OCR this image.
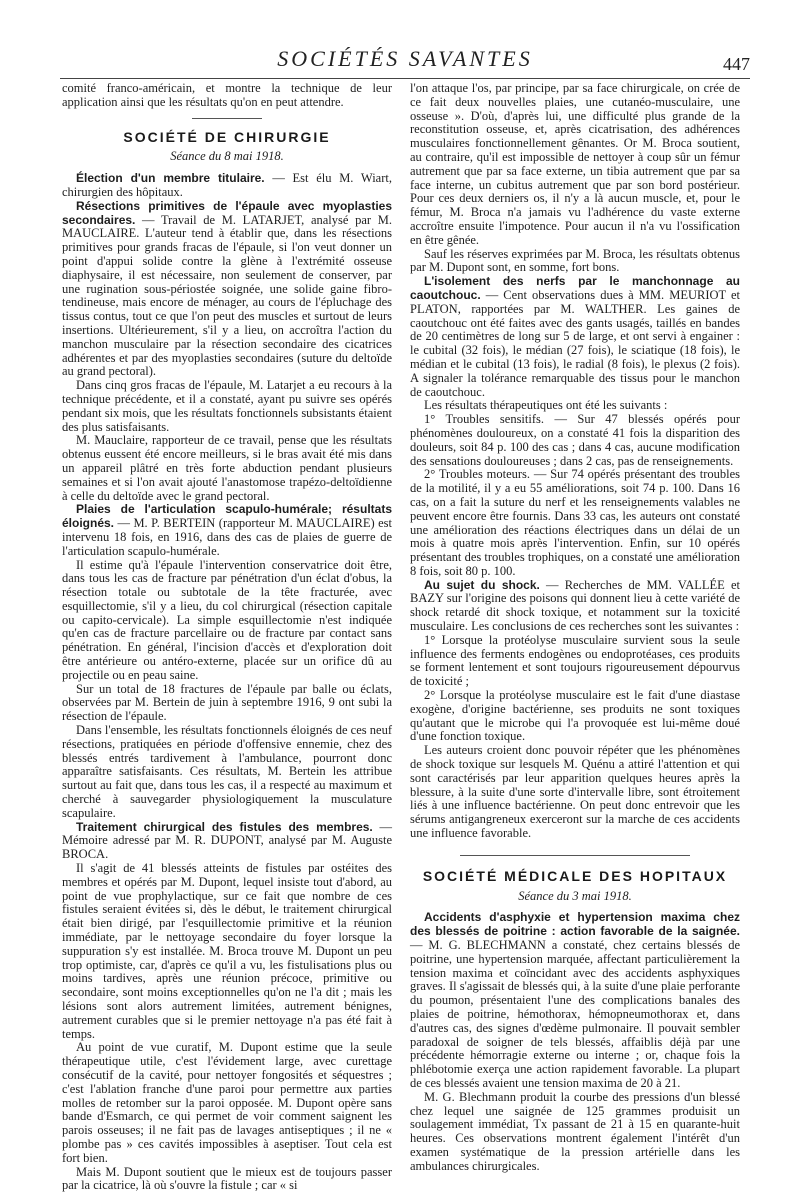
SOCIÉTÉS SAVANTES	447

comité franco-américain, et montre la technique de leur application ainsi que les résultats qu'on en peut attendre.

SOCIÉTÉ DE CHIRURGIE
Séance du 8 mai 1918.

Élection d'un membre titulaire. — Est élu M. Wiart, chirurgien des hôpitaux.

Résections primitives de l'épaule avec myoplasties secondaires. — Travail de M. LATARJET, analysé par M. MAUCLAIRE. L'auteur tend à établir que, dans les résections primitives pour grands fracas de l'épaule, si l'on veut donner un point d'appui solide contre la glène à l'extrémité osseuse diaphysaire, il est nécessaire, non seulement de conserver, par une rugination sous-périostée soignée, une solide gaine fibro-tendineuse, mais encore de ménager, au cours de l'épluchage des tissus contus, tout ce que l'on peut des muscles et surtout de leurs insertions. Ultérieurement, s'il y a lieu, on accroîtra l'action du manchon musculaire par la résection secondaire des cicatrices adhérentes et par des myoplasties secondaires (suture du deltoïde au grand pectoral).

Dans cinq gros fracas de l'épaule, M. Latarjet a eu recours à la technique précédente, et il a constaté, ayant pu suivre ses opérés pendant six mois, que les résultats fonctionnels subsistants étaient des plus satisfaisants.

M. Mauclaire, rapporteur de ce travail, pense que les résultats obtenus eussent été encore meilleurs, si le bras avait été mis dans un appareil plâtré en très forte abduction pendant plusieurs semaines et si l'on avait ajouté l'anastomose trapézo-deltoïdienne à celle du deltoïde avec le grand pectoral.

Plaies de l'articulation scapulo-humérale; résultats éloignés. — M. P. BERTEIN (rapporteur M. MAUCLAIRE) est intervenu 18 fois, en 1916, dans des cas de plaies de guerre de l'articulation scapulo-humérale.

Il estime qu'à l'épaule l'intervention conservatrice doit être, dans tous les cas de fracture par pénétration d'un éclat d'obus, la résection totale ou subtotale de la tête fracturée, avec esquillectomie, s'il y a lieu, du col chirurgical (résection capitale ou capito-cervicale). La simple esquillectomie n'est indiquée qu'en cas de fracture parcellaire ou de fracture par contact sans pénétration. En général, l'incision d'accès et d'exploration doit être antérieure ou antéro-externe, placée sur un orifice dû au projectile ou en peau saine.

Sur un total de 18 fractures de l'épaule par balle ou éclats, observées par M. Bertein de juin à septembre 1916, 9 ont subi la résection de l'épaule.

Dans l'ensemble, les résultats fonctionnels éloignés de ces neuf résections, pratiquées en période d'offensive ennemie, chez des blessés entrés tardivement à l'ambulance, pourront donc apparaître satisfaisants. Ces résultats, M. Bertein les attribue surtout au fait que, dans tous les cas, il a respecté au maximum et cherché à sauvegarder physiologiquement la musculature scapulaire.

Traitement chirurgical des fistules des membres. — Mémoire adressé par M. R. DUPONT, analysé par M. Auguste BROCA.

Il s'agit de 41 blessés atteints de fistules par ostéites des membres et opérés par M. Dupont, lequel insiste tout d'abord, au point de vue prophylactique, sur ce fait que nombre de ces fistules seraient évitées si, dès le début, le traitement chirurgical était bien dirigé, par l'esquillectomie primitive et la réunion immédiate, par le nettoyage secondaire du foyer lorsque la suppuration s'y est installée. M. Broca trouve M. Dupont un peu trop optimiste, car, d'après ce qu'il a vu, les fistulisations plus ou moins tardives, après une réunion précoce, primitive ou secondaire, sont moins exceptionnelles qu'on ne l'a dit ; mais les lésions sont alors autrement limitées, autrement bénignes, autrement curables que si le premier nettoyage n'a pas été fait à temps.

Au point de vue curatif, M. Dupont estime que la seule thérapeutique utile, c'est l'évidement large, avec curettage consécutif de la cavité, pour nettoyer fongosités et séquestres ; c'est l'ablation franche d'une paroi pour permettre aux parties molles de retomber sur la paroi opposée. M. Dupont opère sans bande d'Esmarch, ce qui permet de voir comment saignent les parois osseuses; il ne fait pas de lavages antiseptiques ; il ne « plombe pas » ces cavités impossibles à aseptiser. Tout cela est fort bien.

Mais M. Dupont soutient que le mieux est de toujours passer par la cicatrice, là où s'ouvre la fistule ; car « si

l'on attaque l'os, par principe, par sa face chirurgicale, on crée de ce fait deux nouvelles plaies, une cutanéo-musculaire, une osseuse ». D'où, d'après lui, une difficulté plus grande de la reconstitution osseuse, et, après cicatrisation, des adhérences musculaires fonctionnellement gênantes. Or M. Broca soutient, au contraire, qu'il est impossible de nettoyer à coup sûr un fémur autrement que par sa face externe, un tibia autrement que par sa face interne, un cubitus autrement que par son bord postérieur. Pour ces deux derniers os, il n'y a là aucun muscle, et, pour le fémur, M. Broca n'a jamais vu l'adhérence du vaste externe accroître ensuite l'impotence. Pour aucun il n'a vu l'ossification en être gênée.

Sauf les réserves exprimées par M. Broca, les résultats obtenus par M. Dupont sont, en somme, fort bons.

L'isolement des nerfs par le manchonnage au caoutchouc. — Cent observations dues à MM. MEURIOT et PLATON, rapportées par M. WALTHER. Les gaines de caoutchouc ont été faites avec des gants usagés, taillés en bandes de 20 centimètres de long sur 5 de large, et ont servi à engainer : le cubital (32 fois), le médian (27 fois), le sciatique (18 fois), le médian et le cubital (13 fois), le radial (8 fois), le plexus (2 fois). A signaler la tolérance remarquable des tissus pour le manchon de caoutchouc.

Les résultats thérapeutiques ont été les suivants :

1° Troubles sensitifs. — Sur 47 blessés opérés pour phénomènes douloureux, on a constaté 41 fois la disparition des douleurs, soit 84 p. 100 des cas ; dans 4 cas, aucune modification des sensations douloureuses ; dans 2 cas, pas de renseignements.

2° Troubles moteurs. — Sur 74 opérés présentant des troubles de la motilité, il y a eu 55 améliorations, soit 74 p. 100. Dans 16 cas, on a fait la suture du nerf et les renseignements valables ne peuvent encore être fournis. Dans 33 cas, les auteurs ont constaté une amélioration des réactions électriques dans un délai de un mois à quatre mois après l'intervention. Enfin, sur 10 opérés présentant des troubles trophiques, on a constaté une amélioration 8 fois, soit 80 p. 100.

Au sujet du shock. — Recherches de MM. VALLÉE et BAZY sur l'origine des poisons qui donnent lieu à cette variété de shock retardé dit shock toxique, et notamment sur la toxicité musculaire. Les conclusions de ces recherches sont les suivantes :

1° Lorsque la protéolyse musculaire survient sous la seule influence des ferments endogènes ou endoprotéases, ces produits se forment lentement et sont toujours rigoureusement dépourvus de toxicité ;

2° Lorsque la protéolyse musculaire est le fait d'une diastase exogène, d'origine bactérienne, ses produits ne sont toxiques qu'autant que le microbe qui l'a provoquée est lui-même doué d'une fonction toxique.

Les auteurs croient donc pouvoir répéter que les phénomènes de shock toxique sur lesquels M. Quénu a attiré l'attention et qui sont caractérisés par leur apparition quelques heures après la blessure, à la suite d'une sorte d'intervalle libre, sont étroitement liés à une influence bactérienne. On peut donc entrevoir que les sérums antigangreneux exerceront sur la marche de ces accidents une influence favorable.

SOCIÉTÉ MÉDICALE DES HOPITAUX
Séance du 3 mai 1918.

Accidents d'asphyxie et hypertension maxima chez des blessés de poitrine : action favorable de la saignée. — M. G. BLECHMANN a constaté, chez certains blessés de poitrine, une hypertension marquée, affectant particulièrement la tension maxima et coïncidant avec des accidents asphyxiques graves. Il s'agissait de blessés qui, à la suite d'une plaie perforante du poumon, présentaient l'une des complications banales des plaies de poitrine, hémothorax, hémopneumothorax et, dans d'autres cas, des signes d'œdème pulmonaire. Il pouvait sembler paradoxal de soigner de tels blessés, affaiblis déjà par une précédente hémorragie externe ou interne ; or, chaque fois la phlébotomie exerça une action rapidement favorable. La plupart de ces blessés avaient une tension maxima de 20 à 21.

M. G. Blechmann produit la courbe des pressions d'un blessé chez lequel une saignée de 125 grammes produisit un soulagement immédiat, Tx passant de 21 à 15 en quarante-huit heures. Ces observations montrent également l'intérêt d'un examen systématique de la pression artérielle dans les ambulances chirurgicales.
